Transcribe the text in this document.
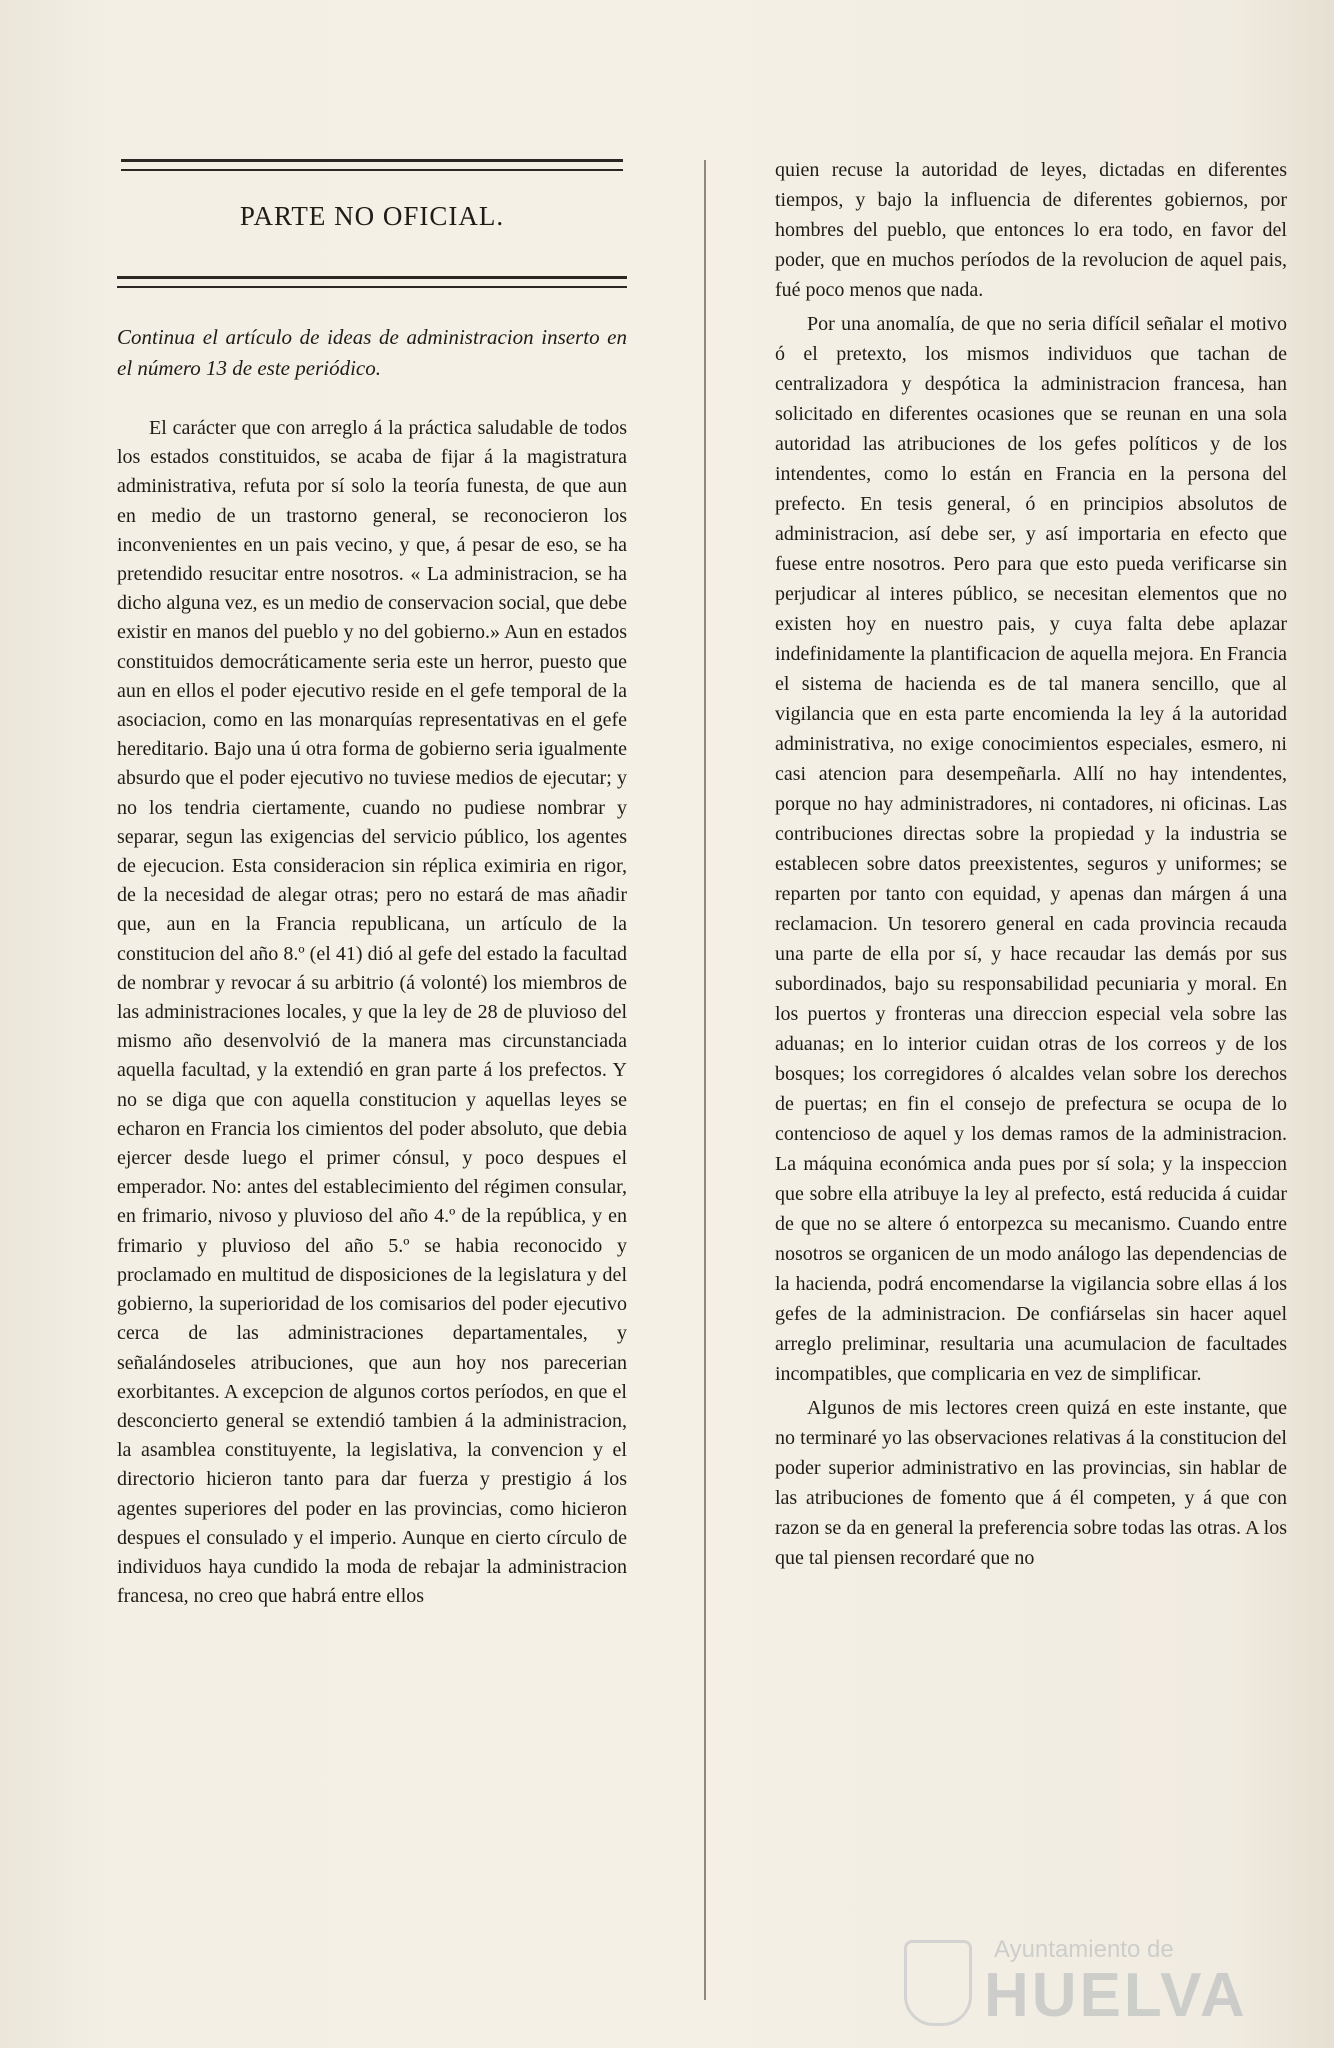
PARTE NO OFICIAL.
Continua el artículo de ideas de administracion inserto en el número 13 de este periódico.

El carácter que con arreglo á la práctica saludable de todos los estados constituidos, se acaba de fijar á la magistratura administrativa, refuta por sí solo la teoría funesta, de que aun en medio de un trastorno general, se reconocieron los inconvenientes en un pais vecino, y que, á pesar de eso, se ha pretendido resucitar entre nosotros. « La administracion, se ha dicho alguna vez, es un medio de conservacion social, que debe existir en manos del pueblo y no del gobierno.» Aun en estados constituidos democráticamente seria este un herror, puesto que aun en ellos el poder ejecutivo reside en el gefe temporal de la asociacion, como en las monarquías representativas en el gefe hereditario. Bajo una ú otra forma de gobierno seria igualmente absurdo que el poder ejecutivo no tuviese medios de ejecutar; y no los tendria ciertamente, cuando no pudiese nombrar y separar, segun las exigencias del servicio público, los agentes de ejecucion. Esta consideracion sin réplica eximiria en rigor, de la necesidad de alegar otras; pero no estará de mas añadir que, aun en la Francia republicana, un artículo de la constitucion del año 8.º (el 41) dió al gefe del estado la facultad de nombrar y revocar á su arbitrio (á volonté) los miembros de las administraciones locales, y que la ley de 28 de pluvioso del mismo año desenvolvió de la manera mas circunstanciada aquella facultad, y la extendió en gran parte á los prefectos. Y no se diga que con aquella constitucion y aquellas leyes se echaron en Francia los cimientos del poder absoluto, que debia ejercer desde luego el primer cónsul, y poco despues el emperador. No: antes del establecimiento del régimen consular, en frimario, nivoso y pluvioso del año 4.º de la república, y en frimario y pluvioso del año 5.º se habia reconocido y proclamado en multitud de disposiciones de la legislatura y del gobierno, la superioridad de los comisarios del poder ejecutivo cerca de las administraciones departamentales, y señalándoseles atribuciones, que aun hoy nos parecerian exorbitantes. A excepcion de algunos cortos períodos, en que el desconcierto general se extendió tambien á la administracion, la asamblea constituyente, la legislativa, la convencion y el directorio hicieron tanto para dar fuerza y prestigio á los agentes superiores del poder en las provincias, como hicieron despues el consulado y el imperio. Aunque en cierto círculo de individuos haya cundido la moda de rebajar la administracion francesa, no creo que habrá entre ellos

quien recuse la autoridad de leyes, dictadas en diferentes tiempos, y bajo la influencia de diferentes gobiernos, por hombres del pueblo, que entonces lo era todo, en favor del poder, que en muchos períodos de la revolucion de aquel pais, fué poco menos que nada.

Por una anomalía, de que no seria difícil señalar el motivo ó el pretexto, los mismos individuos que tachan de centralizadora y despótica la administracion francesa, han solicitado en diferentes ocasiones que se reunan en una sola autoridad las atribuciones de los gefes políticos y de los intendentes, como lo están en Francia en la persona del prefecto. En tesis general, ó en principios absolutos de administracion, así debe ser, y así importaria en efecto que fuese entre nosotros. Pero para que esto pueda verificarse sin perjudicar al interes público, se necesitan elementos que no existen hoy en nuestro pais, y cuya falta debe aplazar indefinidamente la plantificacion de aquella mejora. En Francia el sistema de hacienda es de tal manera sencillo, que al vigilancia que en esta parte encomienda la ley á la autoridad administrativa, no exige conocimientos especiales, esmero, ni casi atencion para desempeñarla. Allí no hay intendentes, porque no hay administradores, ni contadores, ni oficinas. Las contribuciones directas sobre la propiedad y la industria se establecen sobre datos preexistentes, seguros y uniformes; se reparten por tanto con equidad, y apenas dan márgen á una reclamacion. Un tesorero general en cada provincia recauda una parte de ella por sí, y hace recaudar las demás por sus subordinados, bajo su responsabilidad pecuniaria y moral. En los puertos y fronteras una direccion especial vela sobre las aduanas; en lo interior cuidan otras de los correos y de los bosques; los corregidores ó alcaldes velan sobre los derechos de puertas; en fin el consejo de prefectura se ocupa de lo contencioso de aquel y los demas ramos de la administracion. La máquina económica anda pues por sí sola; y la inspeccion que sobre ella atribuye la ley al prefecto, está reducida á cuidar de que no se altere ó entorpezca su mecanismo. Cuando entre nosotros se organicen de un modo análogo las dependencias de la hacienda, podrá encomendarse la vigilancia sobre ellas á los gefes de la administracion. De confiárselas sin hacer aquel arreglo preliminar, resultaria una acumulacion de facultades incompatibles, que complicaria en vez de simplificar.

Algunos de mis lectores creen quizá en este instante, que no terminaré yo las observaciones relativas á la constitucion del poder superior administrativo en las provincias, sin hablar de las atribuciones de fomento que á él competen, y á que con razon se da en general la preferencia sobre todas las otras. A los que tal piensen recordaré que no

Ayuntamiento de
HUELVA
